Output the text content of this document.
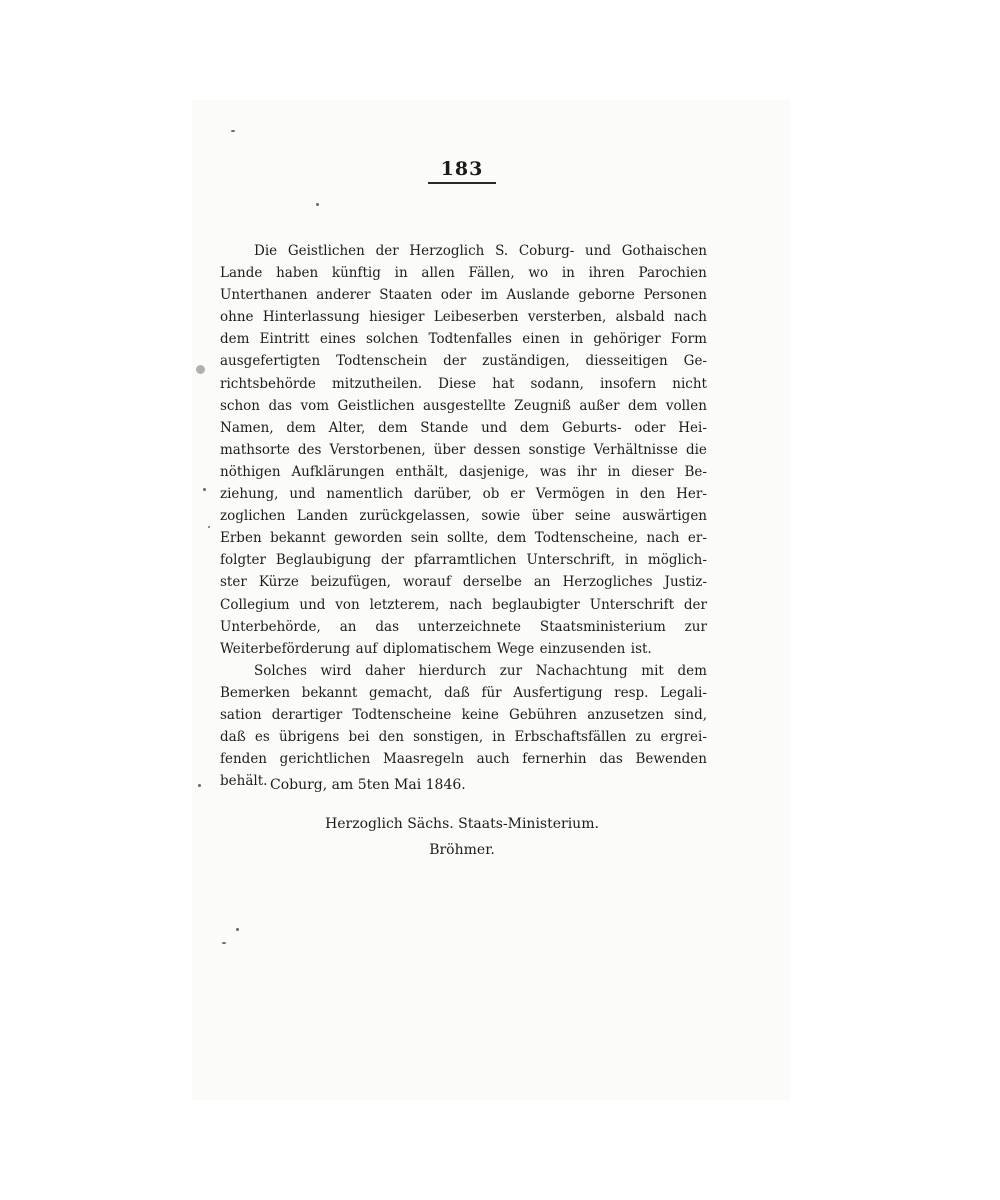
183
Die Geistlichen der Herzoglich S. Coburg- und Gothaischen
Lande haben künftig in allen Fällen, wo in ihren Parochien
Unterthanen anderer Staaten oder im Auslande geborne Personen
ohne Hinterlassung hiesiger Leibeserben versterben, alsbald nach
dem Eintritt eines solchen Todtenfalles einen in gehöriger Form
ausgefertigten Todtenschein der zuständigen, diesseitigen Ge-
richtsbehörde mitzutheilen. Diese hat sodann, insofern nicht
schon das vom Geistlichen ausgestellte Zeugniß außer dem vollen
Namen, dem Alter, dem Stande und dem Geburts- oder Hei-
mathsorte des Verstorbenen, über dessen sonstige Verhältnisse die
nöthigen Aufklärungen enthält, dasjenige, was ihr in dieser Be-
ziehung, und namentlich darüber, ob er Vermögen in den Her-
zoglichen Landen zurückgelassen, sowie über seine auswärtigen
Erben bekannt geworden sein sollte, dem Todtenscheine, nach er-
folgter Beglaubigung der pfarramtlichen Unterschrift, in möglich-
ster Kürze beizufügen, worauf derselbe an Herzogliches Justiz-
Collegium und von letzterem, nach beglaubigter Unterschrift der
Unterbehörde, an das unterzeichnete Staatsministerium zur
Weiterbeförderung auf diplomatischem Wege einzusenden ist.
Solches wird daher hierdurch zur Nachachtung mit dem
Bemerken bekannt gemacht, daß für Ausfertigung resp. Legali-
sation derartiger Todtenscheine keine Gebühren anzusetzen sind,
daß es übrigens bei den sonstigen, in Erbschaftsfällen zu ergrei-
fenden gerichtlichen Maasregeln auch fernerhin das Bewenden
behält. Coburg, am 5ten Mai 1846.
Herzoglich Sächs. Staats-Ministerium.
Bröhmer.
